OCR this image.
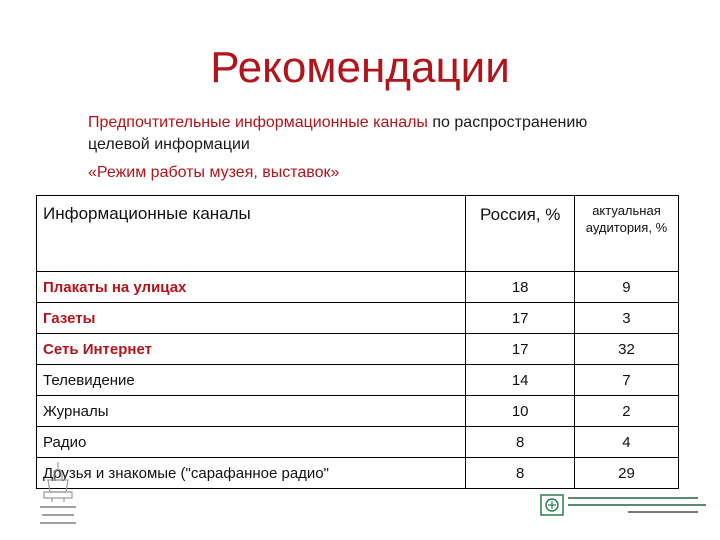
Рекомендации
Предпочтительные информационные каналы по распространению целевой информации
«Режим работы музея, выставок»
Информационные каналы	Россия, %	актуальная аудитория, %
Плакаты на улицах	18	9
Газеты	17	3
Сеть Интернет	17	32
Телевидение	14	7
Журналы	10	2
Радио	8	4
Друзья и знакомые ("сарафанное радио"	8	29
